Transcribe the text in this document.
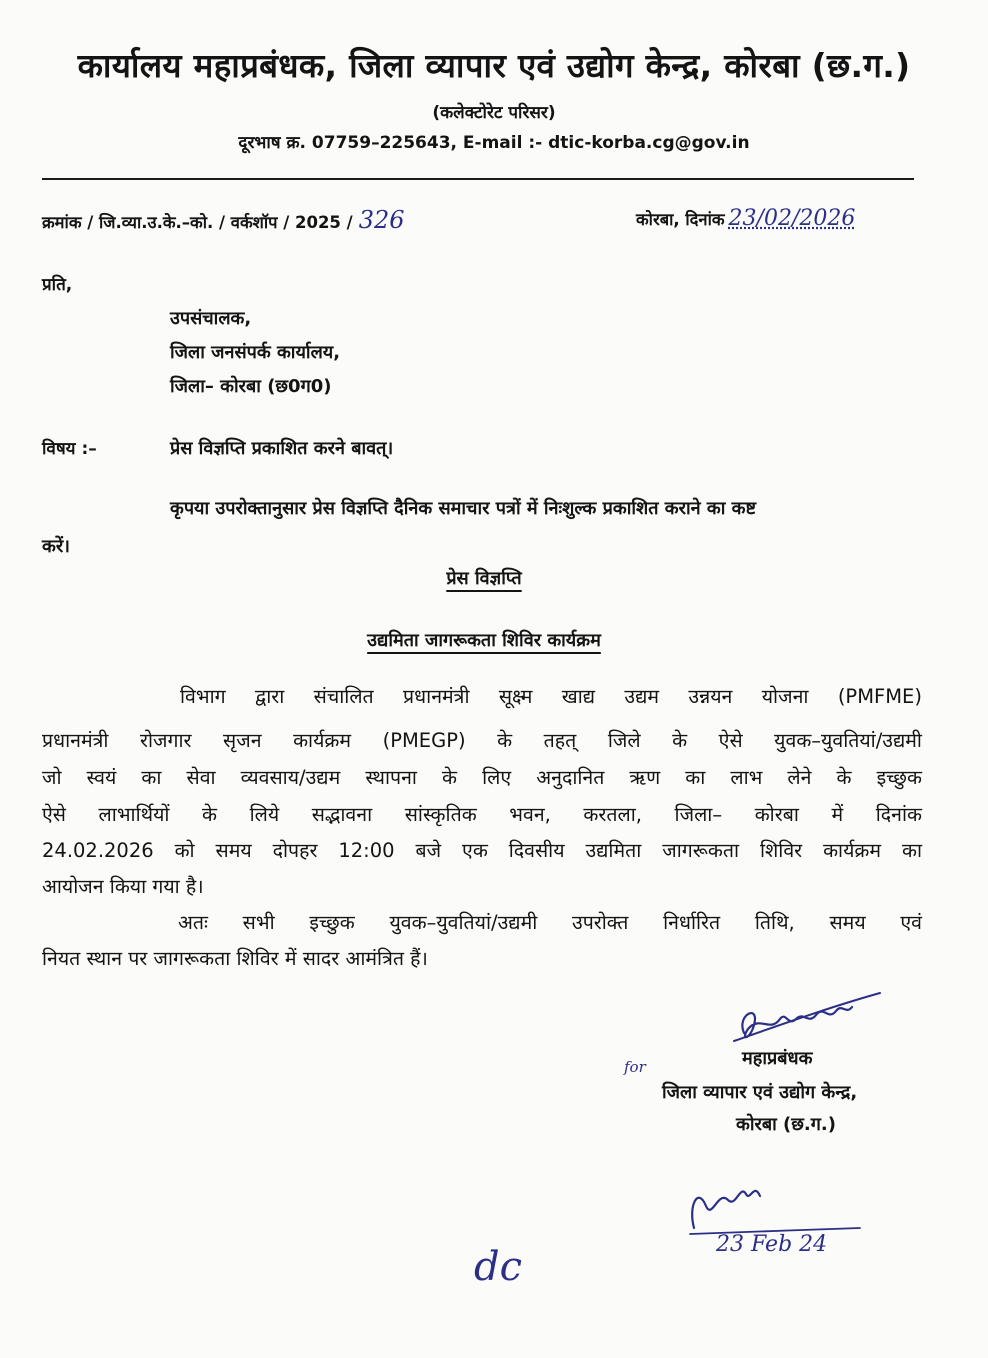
कार्यालय महाप्रबंधक, जिला व्यापार एवं उद्योग केन्द्र, कोरबा (छ.ग.)
(कलेक्टोरेट परिसर)
दूरभाष क्र. 07759–225643, E-mail :- dtic-korba.cg@gov.in
क्रमांक / जि.व्या.उ.के.–को. / वर्कशॉप / 2025 / 326	कोरबा, दिनांक 23/02/2026
प्रति,
उपसंचालक,
जिला जनसंपर्क कार्यालय,
जिला– कोरबा (छ0ग0)
विषय :–	प्रेस विज्ञप्ति प्रकाशित करने बावत्।
कृपया उपरोक्तानुसार प्रेस विज्ञप्ति दैनिक समाचार पत्रों में निःशुल्क प्रकाशित कराने का कष्ट
करें।
प्रेस विज्ञप्ति
उद्यमिता जागरूकता शिविर कार्यक्रम
विभाग द्वारा संचालित प्रधानमंत्री सूक्ष्म खाद्य उद्यम उन्नयन योजना (PMFME)
प्रधानमंत्री रोजगार सृजन कार्यक्रम (PMEGP) के तहत् जिले के ऐसे युवक–युवतियां/उद्यमी
जो स्वयं का सेवा व्यवसाय/उद्यम स्थापना के लिए अनुदानित ऋण का लाभ लेने के इच्छुक
ऐसे लाभार्थियों के लिये सद्भावना सांस्कृतिक भवन, करतला, जिला– कोरबा में दिनांक
24.02.2026 को समय दोपहर 12:00 बजे एक दिवसीय उद्यमिता जागरूकता शिविर कार्यक्रम का
आयोजन किया गया है।
अतः सभी इच्छुक युवक–युवतियां/उद्यमी उपरोक्त निर्धारित तिथि, समय एवं
नियत स्थान पर जागरूकता शिविर में सादर आमंत्रित हैं।
for	महाप्रबंधक
जिला व्यापार एवं उद्योग केन्द्र,
कोरबा (छ.ग.)
23 Feb 24
dc
